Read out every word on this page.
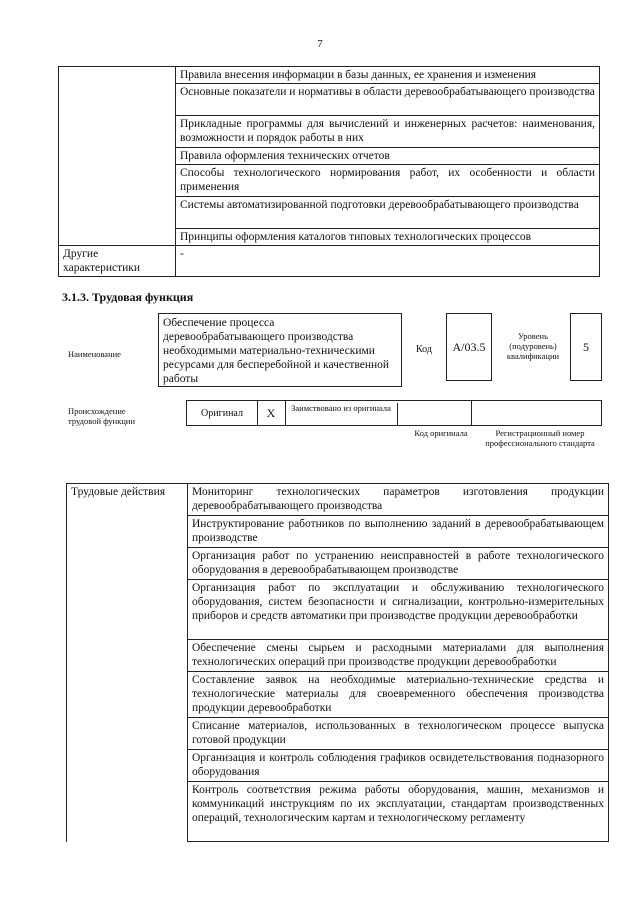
7
	Правила внесения информации в базы данных, ее хранения и изменения
	Основные показатели и нормативы в области деревообрабатывающего производства
	Прикладные программы для вычислений и инженерных расчетов: наименования, возможности и порядок работы в них
	Правила оформления технических отчетов
	Способы технологического нормирования работ, их особенности и области применения
	Системы автоматизированной подготовки деревообрабатывающего производства
	Принципы оформления каталогов типовых технологических процессов
Другие характеристики	-
3.1.3. Трудовая функция
Наименование
Обеспечение процесса деревообрабатывающего производства необходимыми материально-техническими ресурсами для бесперебойной и качественной работы
Код А/03.5
Уровень (подуровень) квалификации
5
Происхождение трудовой функции
Оригинал	X	Заимствовано из оригинала
Код оригинала	Регистрационный номер профессионального стандарта
Трудовые действия	Мониторинг технологических параметров изготовления продукции деревообрабатывающего производства
Инструктирование работников по выполнению заданий в деревообрабатывающем производстве
Организация работ по устранению неисправностей в работе технологического оборудования в деревообрабатывающем производстве
Организация работ по эксплуатации и обслуживанию технологического оборудования, систем безопасности и сигнализации, контрольно-измерительных приборов и средств автоматики при производстве продукции деревообработки
Обеспечение смены сырьем и расходными материалами для выполнения технологических операций при производстве продукции деревообработки
Составление заявок на необходимые материально-технические средства и технологические материалы для своевременного обеспечения производства продукции деревообработки
Списание материалов, использованных в технологическом процессе выпуска готовой продукции
Организация и контроль соблюдения графиков освидетельствования подназорного оборудования
Контроль соответствия режима работы оборудования, машин, механизмов и коммуникаций инструкциям по их эксплуатации, стандартам производственных операций, технологическим картам и технологическому регламенту
